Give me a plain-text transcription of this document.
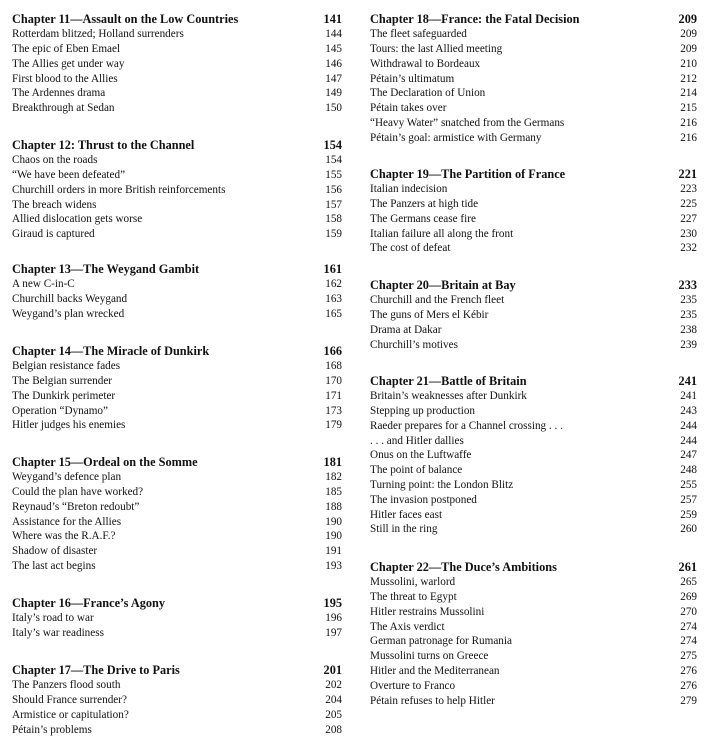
Chapter 11—Assault on the Low Countries	141
Rotterdam blitzed; Holland surrenders	144
The epic of Eben Emael	145
The Allies get under way	146
First blood to the Allies	147
The Ardennes drama	149
Breakthrough at Sedan	150
Chapter 12: Thrust to the Channel	154
Chaos on the roads	154
“We have been defeated”	155
Churchill orders in more British reinforcements	156
The breach widens	157
Allied dislocation gets worse	158
Giraud is captured	159
Chapter 13—The Weygand Gambit	161
A new C-in-C	162
Churchill backs Weygand	163
Weygand’s plan wrecked	165
Chapter 14—The Miracle of Dunkirk	166
Belgian resistance fades	168
The Belgian surrender	170
The Dunkirk perimeter	171
Operation “Dynamo”	173
Hitler judges his enemies	179
Chapter 15—Ordeal on the Somme	181
Weygand’s defence plan	182
Could the plan have worked?	185
Reynaud’s “Breton redoubt”	188
Assistance for the Allies	190
Where was the R.A.F.?	190
Shadow of disaster	191
The last act begins	193
Chapter 16—France’s Agony	195
Italy’s road to war	196
Italy’s war readiness	197
Chapter 17—The Drive to Paris	201
The Panzers flood south	202
Should France surrender?	204
Armistice or capitulation?	205
Pétain’s problems	208
Chapter 18—France: the Fatal Decision	209
The fleet safeguarded	209
Tours: the last Allied meeting	209
Withdrawal to Bordeaux	210
Pétain’s ultimatum	212
The Declaration of Union	214
Pétain takes over	215
“Heavy Water” snatched from the Germans	216
Pétain’s goal: armistice with Germany	216
Chapter 19—The Partition of France	221
Italian indecision	223
The Panzers at high tide	225
The Germans cease fire	227
Italian failure all along the front	230
The cost of defeat	232
Chapter 20—Britain at Bay	233
Churchill and the French fleet	235
The guns of Mers el Kébir	235
Drama at Dakar	238
Churchill’s motives	239
Chapter 21—Battle of Britain	241
Britain’s weaknesses after Dunkirk	241
Stepping up production	243
Raeder prepares for a Channel crossing . . .	244
. . . and Hitler dallies	244
Onus on the Luftwaffe	247
The point of balance	248
Turning point: the London Blitz	255
The invasion postponed	257
Hitler faces east	259
Still in the ring	260
Chapter 22—The Duce’s Ambitions	261
Mussolini, warlord	265
The threat to Egypt	269
Hitler restrains Mussolini	270
The Axis verdict	274
German patronage for Rumania	274
Mussolini turns on Greece	275
Hitler and the Mediterranean	276
Overture to Franco	276
Pétain refuses to help Hitler	279
